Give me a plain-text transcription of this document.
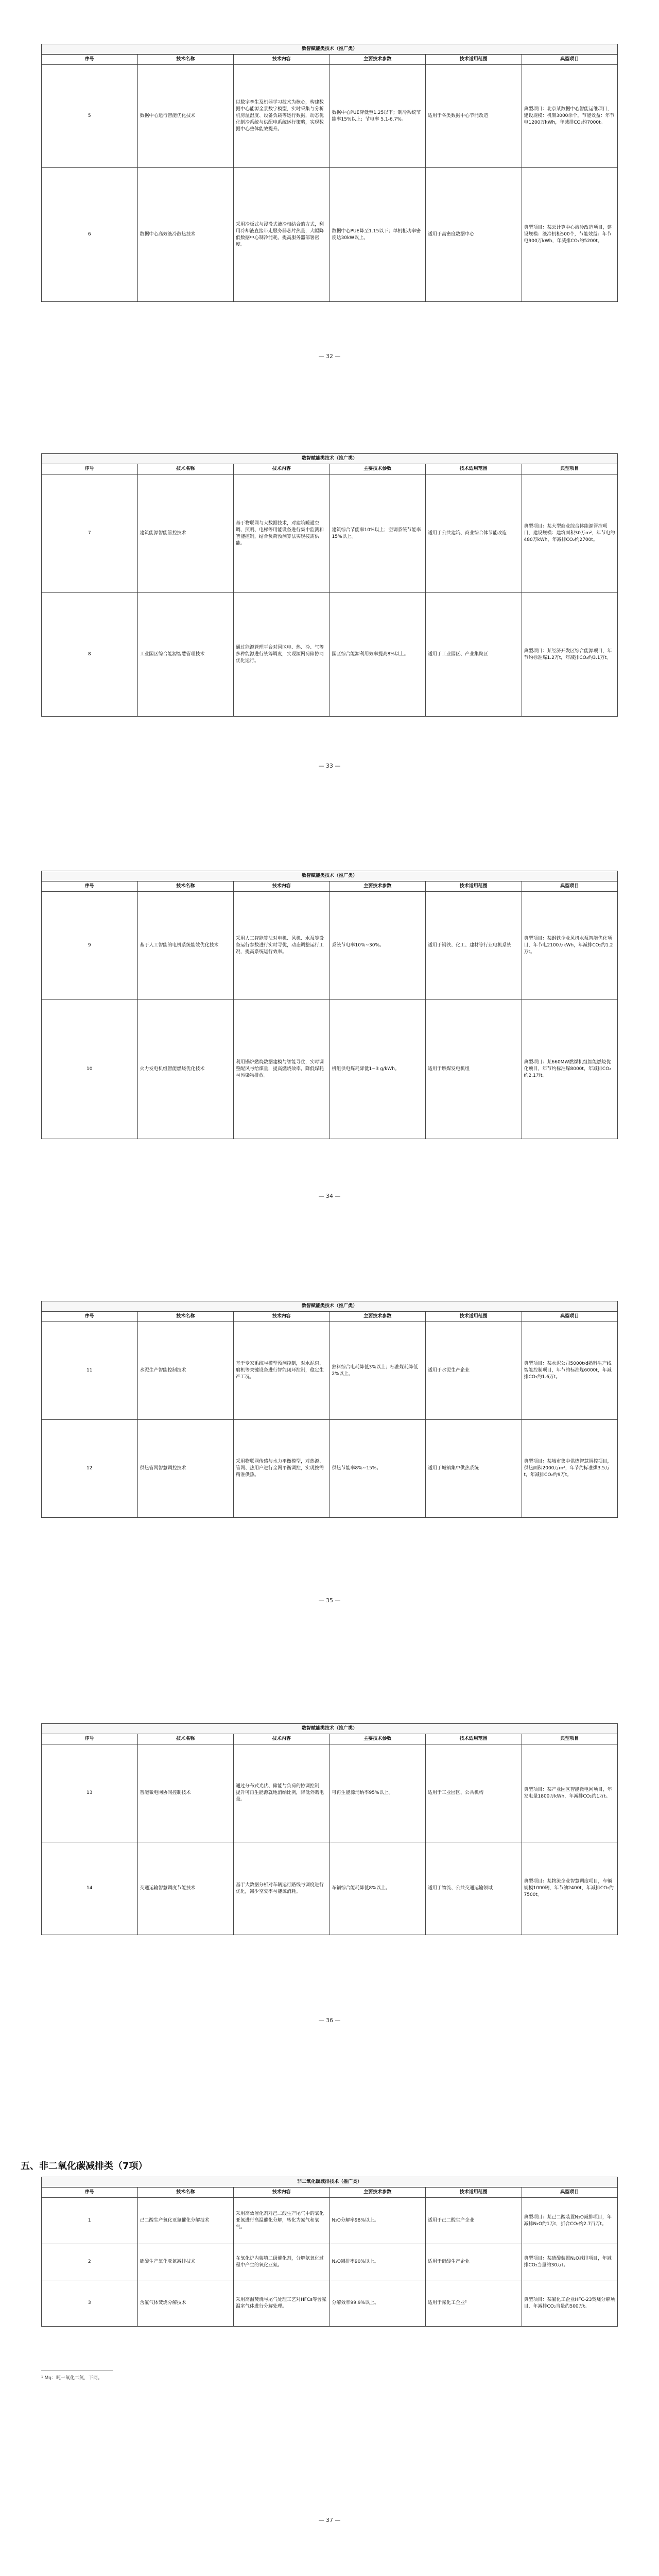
数智赋能类技术（推广类）					
序号	技术名称	技术内容	主要技术参数	技术适用范围	典型项目
5	数据中心运行智能优化技术	以数字孪生及机器学习技术为核心，构建数据中心能源全景数字模型，实时采集与分析机房温湿度、设备负载等运行数据，动态优化制冷系统与供配电系统运行策略，实现数据中心整体能效提升。	数据中心PUE降低至1.25以下；制冷系统节能率15%以上；节电率 5.1-6.7%。	适用于各类数据中心节能改造	典型项目：北京某数据中心智能运维项目，建设规模：机架3000余个，节能效益：年节电1200万kWh，年减排CO₂约7000t。
6	数据中心高效液冷散热技术	采用冷板式与浸没式液冷相结合的方式，利用冷却液直接带走服务器芯片热量，大幅降低数据中心制冷能耗，提高服务器部署密度。	数据中心PUE降至1.15以下；单机柜功率密度达30kW以上。	适用于高密度数据中心	典型项目：某云计算中心液冷改造项目，建设规模：液冷机柜500个，节能效益：年节电900万kWh，年减排CO₂约5200t。
— 32 —
数智赋能类技术（推广类）					
序号	技术名称	技术内容	主要技术参数	技术适用范围	典型项目
7	建筑能源智能管控技术	基于物联网与大数据技术，对建筑暖通空调、照明、电梯等用能设备进行集中监测和智能控制，结合负荷预测算法实现按需供能。	建筑综合节能率10%以上；空调系统节能率15%以上。	适用于公共建筑、商业综合体节能改造	典型项目：某大型商业综合体能源管控项目，建设规模：建筑面积30万m²，年节电约480万kWh，年减排CO₂约2700t。
8	工业园区综合能源智慧管理技术	通过能源管理平台对园区电、热、冷、气等多种能源进行统筹调度，实现源网荷储协同优化运行。	园区综合能源利用效率提高8%以上。	适用于工业园区、产业集聚区	典型项目：某经济开发区综合能源项目，年节约标准煤1.2万t，年减排CO₂约3.1万t。
— 33 —
数智赋能类技术（推广类）					
序号	技术名称	技术内容	主要技术参数	技术适用范围	典型项目
9	基于人工智能的电机系统能效优化技术	采用人工智能算法对电机、风机、水泵等设备运行参数进行实时寻优，动态调整运行工况，提高系统运行效率。	系统节电率10%~30%。	适用于钢铁、化工、建材等行业电机系统	典型项目：某钢铁企业风机水泵智能优化项目，年节电2100万kWh，年减排CO₂约1.2万t。
10	火力发电机组智能燃烧优化技术	利用锅炉燃烧数据建模与智能寻优，实时调整配风与给煤量，提高燃烧效率，降低煤耗与污染物排放。	机组供电煤耗降低1~3 g/kWh。	适用于燃煤发电机组	典型项目：某660MW燃煤机组智能燃烧优化项目，年节约标准煤8000t，年减排CO₂约2.1万t。
— 34 —
数智赋能类技术（推广类）					
序号	技术名称	技术内容	主要技术参数	技术适用范围	典型项目
11	水泥生产智能控制技术	基于专家系统与模型预测控制，对水泥窑、磨机等关键设备进行智能闭环控制，稳定生产工况。	熟料综合电耗降低3%以上；标准煤耗降低2%以上。	适用于水泥生产企业	典型项目：某水泥公司5000t/d熟料生产线智能控制项目，年节约标准煤6000t，年减排CO₂约1.6万t。
12	供热管网智慧调控技术	采用物联网传感与水力平衡模型，对热源、管网、热用户进行全网平衡调控，实现按需精准供热。	供热节能率8%~15%。	适用于城镇集中供热系统	典型项目：某城市集中供热智慧调控项目，供热面积2000万m²，年节约标准煤3.5万t，年减排CO₂约9万t。
— 35 —
数智赋能类技术（推广类）					
序号	技术名称	技术内容	主要技术参数	技术适用范围	典型项目
13	智能微电网协同控制技术	通过分布式光伏、储能与负荷的协调控制，提升可再生能源就地消纳比例，降低外购电量。	可再生能源消纳率95%以上。	适用于工业园区、公共机构	典型项目：某产业园区智能微电网项目，年发电量1800万kWh，年减排CO₂约1万t。
14	交通运输智慧调度节能技术	基于大数据分析对车辆运行路线与调度进行优化，减少空驶率与能源消耗。	车辆综合能耗降低8%以上。	适用于物流、公共交通运输领域	典型项目：某物流企业智慧调度项目，车辆规模1000辆，年节油2400t，年减排CO₂约7500t。
— 36 —
五、非二氧化碳减排类（7项）
非二氧化碳减排技术（推广类）					
序号	技术名称	技术内容	主要技术参数	技术适用范围	典型项目
1	己二酸生产氧化亚氮催化分解技术	采用高效催化剂对己二酸生产尾气中的氧化亚氮进行高温催化分解，转化为氮气和氧气。	N₂O分解率98%以上。	适用于己二酸生产企业	典型项目：某己二酸装置N₂O减排项目，年减排N₂O约1万t，折合CO₂约2.7百万t。
2	硝酸生产氧化亚氮减排技术	在氧化炉内装填二级催化剂，分解氨氧化过程中产生的氧化亚氮。	N₂O减排率90%以上。	适用于硝酸生产企业	典型项目：某硝酸装置N₂O减排项目，年减排CO₂当量约30万t。
3	含氟气体焚烧分解技术	采用高温焚烧与尾气处理工艺对HFCs等含氟温室气体进行分解处理。	分解效率99.9%以上。	适用于氟化工企业²	典型项目：某氟化工企业HFC-23焚烧分解项目，年减排CO₂当量约500万t。
¹ Mg：吨一氧化二氮，下同。
— 37 —
